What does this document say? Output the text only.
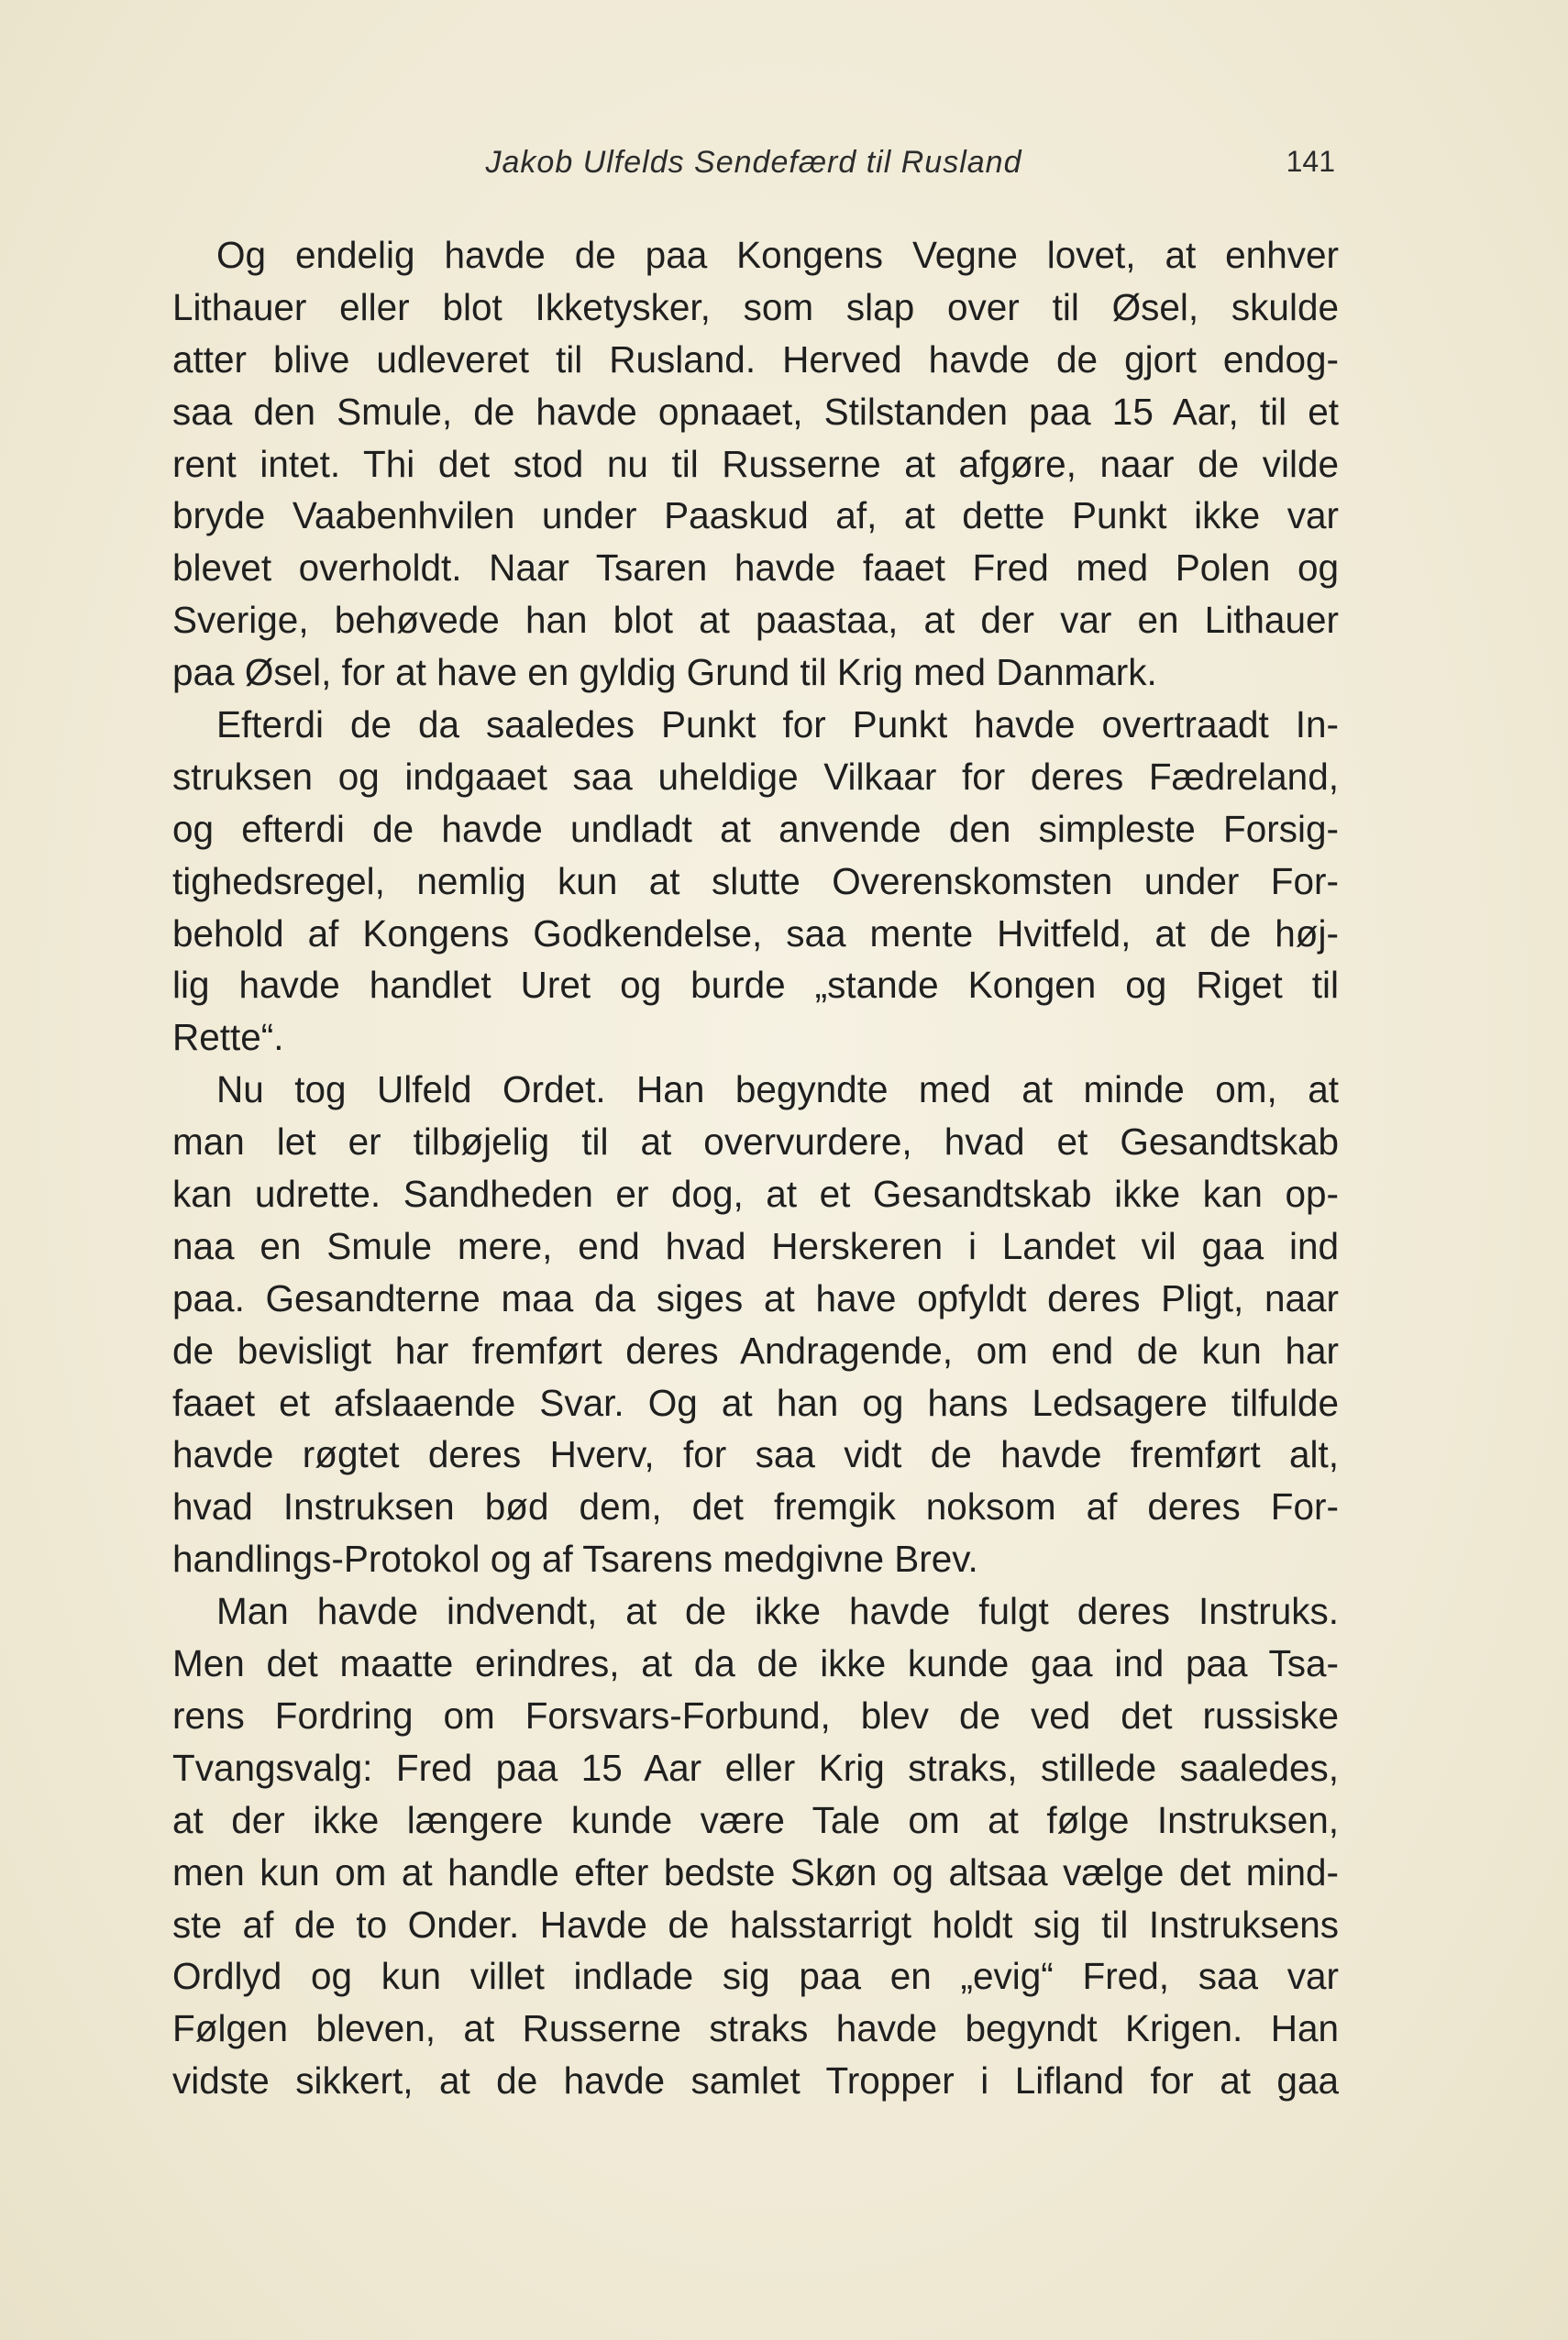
Jakob Ulfelds Sendefærd til Rusland	141
Og endelig havde de paa Kongens Vegne lovet, at enhver
Lithauer eller blot Ikketysker, som slap over til Øsel, skulde
atter blive udleveret til Rusland. Herved havde de gjort endog-
saa den Smule, de havde opnaaet, Stilstanden paa 15 Aar, til et
rent intet. Thi det stod nu til Russerne at afgøre, naar de vilde
bryde Vaabenhvilen under Paaskud af, at dette Punkt ikke var
blevet overholdt. Naar Tsaren havde faaet Fred med Polen og
Sverige, behøvede han blot at paastaa, at der var en Lithauer
paa Øsel, for at have en gyldig Grund til Krig med Danmark.
Efterdi de da saaledes Punkt for Punkt havde overtraadt In-
struksen og indgaaet saa uheldige Vilkaar for deres Fædreland,
og efterdi de havde undladt at anvende den simpleste Forsig-
tighedsregel, nemlig kun at slutte Overenskomsten under For-
behold af Kongens Godkendelse, saa mente Hvitfeld, at de høj-
lig havde handlet Uret og burde „stande Kongen og Riget til
Rette“.
Nu tog Ulfeld Ordet. Han begyndte med at minde om, at
man let er tilbøjelig til at overvurdere, hvad et Gesandtskab
kan udrette. Sandheden er dog, at et Gesandtskab ikke kan op-
naa en Smule mere, end hvad Herskeren i Landet vil gaa ind
paa. Gesandterne maa da siges at have opfyldt deres Pligt, naar
de bevisligt har fremført deres Andragende, om end de kun har
faaet et afslaaende Svar. Og at han og hans Ledsagere tilfulde
havde røgtet deres Hverv, for saa vidt de havde fremført alt,
hvad Instruksen bød dem, det fremgik noksom af deres For-
handlings-Protokol og af Tsarens medgivne Brev.
Man havde indvendt, at de ikke havde fulgt deres Instruks.
Men det maatte erindres, at da de ikke kunde gaa ind paa Tsa-
rens Fordring om Forsvars-Forbund, blev de ved det russiske
Tvangsvalg: Fred paa 15 Aar eller Krig straks, stillede saaledes,
at der ikke længere kunde være Tale om at følge Instruksen,
men kun om at handle efter bedste Skøn og altsaa vælge det mind-
ste af de to Onder. Havde de halsstarrigt holdt sig til Instruksens
Ordlyd og kun villet indlade sig paa en „evig“ Fred, saa var
Følgen bleven, at Russerne straks havde begyndt Krigen. Han
vidste sikkert, at de havde samlet Tropper i Lifland for at gaa
